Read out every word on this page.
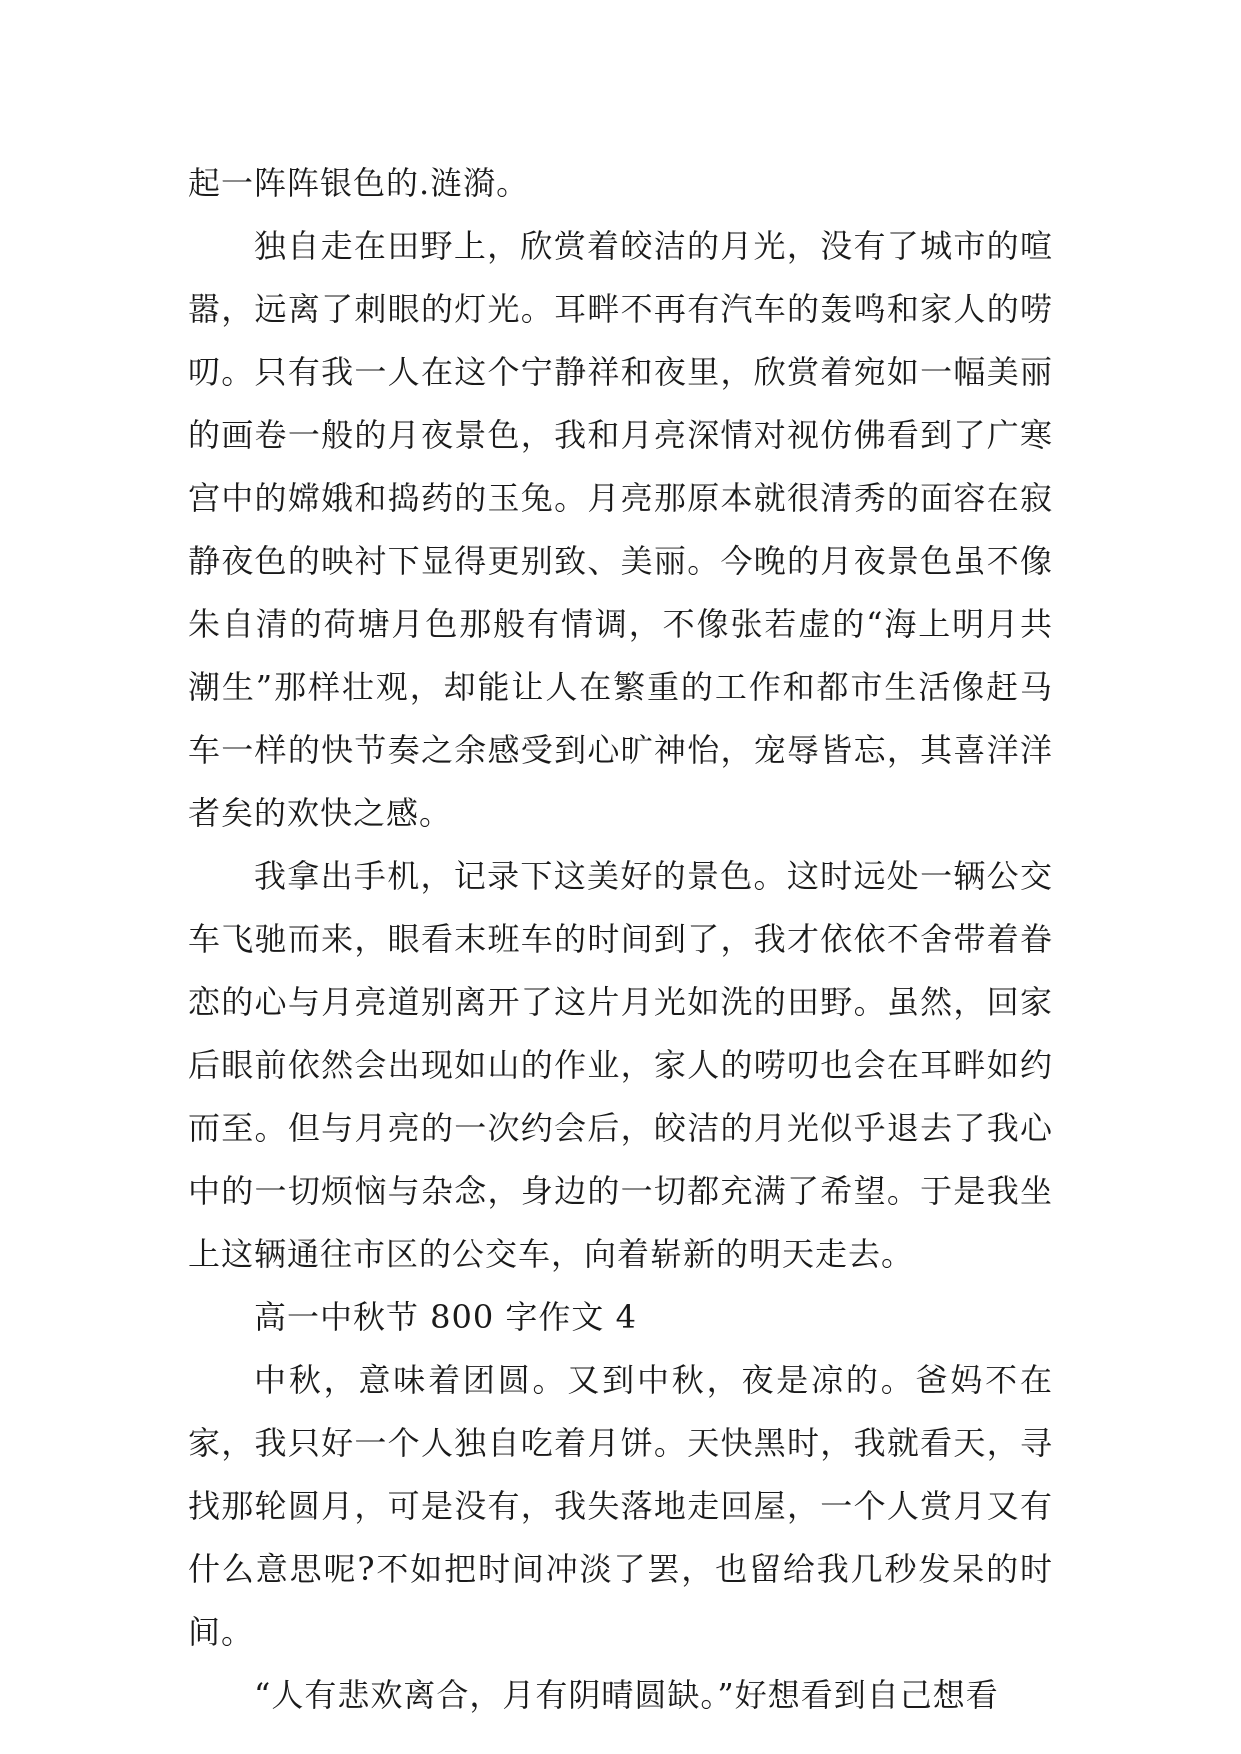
起一阵阵银色的.涟漪。

独自走在田野上，欣赏着皎洁的月光，没有了城市的喧嚣，远离了刺眼的灯光。耳畔不再有汽车的轰鸣和家人的唠叨。只有我一人在这个宁静祥和夜里，欣赏着宛如一幅美丽的画卷一般的月夜景色，我和月亮深情对视仿佛看到了广寒宫中的嫦娥和捣药的玉兔。月亮那原本就很清秀的面容在寂静夜色的映衬下显得更别致、美丽。今晚的月夜景色虽不像朱自清的荷塘月色那般有情调，不像张若虚的“海上明月共潮生”那样壮观，却能让人在繁重的工作和都市生活像赶马车一样的快节奏之余感受到心旷神怡，宠辱皆忘，其喜洋洋者矣的欢快之感。

我拿出手机，记录下这美好的景色。这时远处一辆公交车飞驰而来，眼看末班车的时间到了，我才依依不舍带着眷恋的心与月亮道别离开了这片月光如洗的田野。虽然，回家后眼前依然会出现如山的作业，家人的唠叨也会在耳畔如约而至。但与月亮的一次约会后，皎洁的月光似乎退去了我心中的一切烦恼与杂念，身边的一切都充满了希望。于是我坐上这辆通往市区的公交车，向着崭新的明天走去。

高一中秋节 800 字作文 4

中秋，意味着团圆。又到中秋，夜是凉的。爸妈不在家，我只好一个人独自吃着月饼。天快黑时，我就看天，寻找那轮圆月，可是没有，我失落地走回屋，一个人赏月又有什么意思呢?不如把时间冲淡了罢，也留给我几秒发呆的时间。

“人有悲欢离合，月有阴晴圆缺。”好想看到自己想看
